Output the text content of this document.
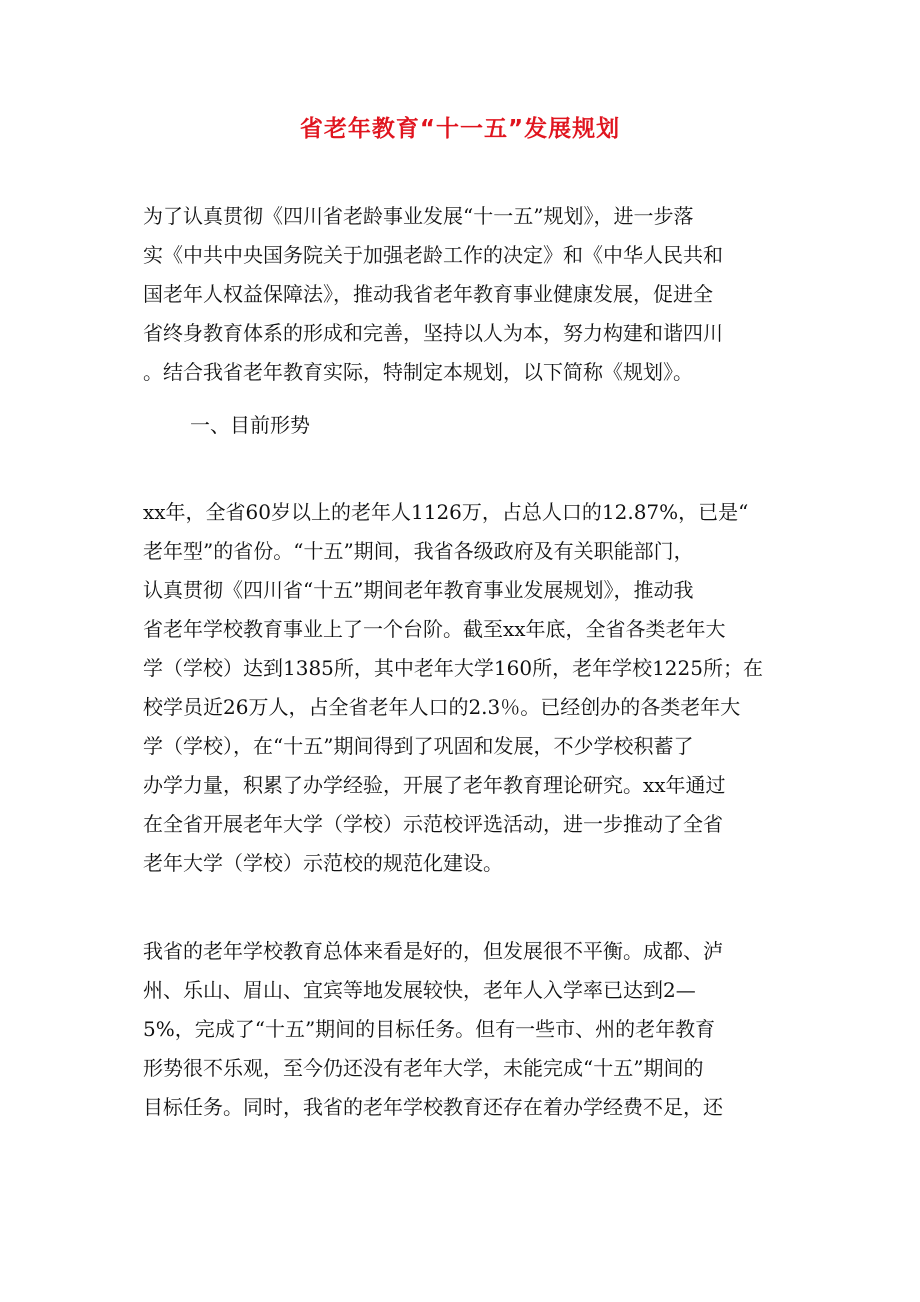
省老年教育“十一五”发展规划
为了认真贯彻《四川省老龄事业发展“十一五”规划》，进一步落
实《中共中央国务院关于加强老龄工作的决定》和《中华人民共和
国老年人权益保障法》，推动我省老年教育事业健康发展，促进全
省终身教育体系的形成和完善，坚持以人为本，努力构建和谐四川
。结合我省老年教育实际，特制定本规划，以下简称《规划》。
一、目前形势
xx年，全省60岁以上的老年人1126万，占总人口的12.87%，已是“
老年型”的省份。“十五”期间，我省各级政府及有关职能部门，
认真贯彻《四川省“十五”期间老年教育事业发展规划》，推动我
省老年学校教育事业上了一个台阶。截至xx年底，全省各类老年大
学（学校）达到1385所，其中老年大学160所，老年学校1225所；在
校学员近26万人，占全省老年人口的2.3％。已经创办的各类老年大
学（学校），在“十五”期间得到了巩固和发展，不少学校积蓄了
办学力量，积累了办学经验，开展了老年教育理论研究。xx年通过
在全省开展老年大学（学校）示范校评选活动，进一步推动了全省
老年大学（学校）示范校的规范化建设。
我省的老年学校教育总体来看是好的，但发展很不平衡。成都、泸
州、乐山、眉山、宜宾等地发展较快，老年人入学率已达到2—
5%，完成了“十五”期间的目标任务。但有一些市、州的老年教育
形势很不乐观，至今仍还没有老年大学，未能完成“十五”期间的
目标任务。同时，我省的老年学校教育还存在着办学经费不足，还
